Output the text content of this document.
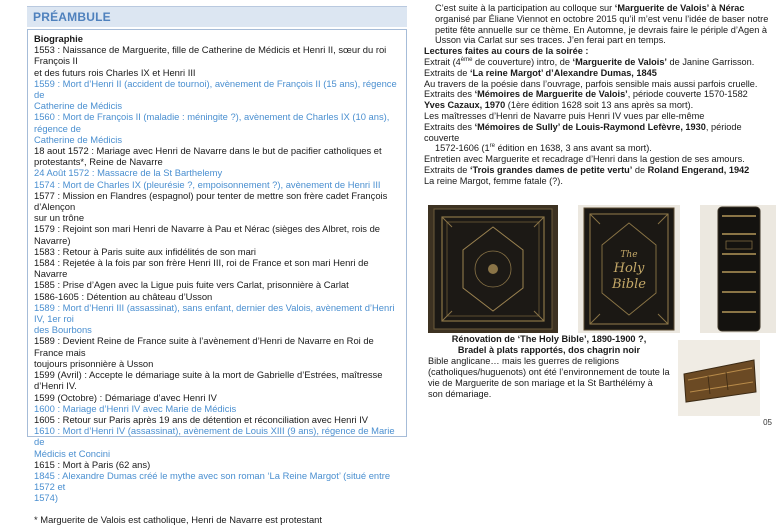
PRÉAMBULE
Biographie
1553 : Naissance de Marguerite, fille de Catherine de Médicis et Henri II, sœur du roi François II
et des futurs rois Charles IX et Henri III
1559 : Mort d’Henri II (accident de tournoi), avènement de François II (15 ans), régence de
Catherine de Médicis
1560 : Mort de François II (maladie : méningite ?), avènement de Charles IX (10 ans), régence de
Catherine de Médicis
18 aout 1572 : Mariage avec Henri de Navarre dans le but de pacifier catholiques et
protestants*, Reine de Navarre
24 Août 1572 : Massacre de la St Barthelemy
1574 : Mort de Charles IX (pleurésie ?, empoisonnement ?), avènement de Henri III
1577 : Mission en Flandres (espagnol) pour tenter de mettre son frère cadet François d’Alençon
sur un trône
1579 : Rejoint son mari Henri de Navarre à Pau et Nérac (sièges des Albret, rois de Navarre)
1583 : Retour à Paris suite aux infidélités de son mari
1584 : Rejetée à la fois par son frère Henri III, roi de France et son mari Henri de Navarre
1585 : Prise d’Agen avec la Ligue puis fuite vers Carlat, prisonnière à Carlat
1586-1605 : Détention au château d’Usson
1589 : Mort d’Henri III (assassinat), sans enfant, dernier des Valois, avènement d’Henri IV, 1er roi
des Bourbons
1589 : Devient Reine de France suite à l’avènement d’Henri de Navarre en Roi de France mais
toujours prisonnière à Usson
1599 (Avril) : Accepte le démariage suite à la mort de Gabrielle d’Estrées, maîtresse d’Henri IV.
1599 (Octobre) : Démariage d’avec Henri IV
1600 : Mariage d’Henri IV avec Marie de Médicis
1605 : Retour sur Paris après 19 ans de détention et réconciliation avec Henri IV
1610 : Mort d’Henri IV (assassinat), avènement de Louis XIII (9 ans), régence de Marie de
Médicis et Concini
1615 : Mort à Paris (62 ans)
1845 : Alexandre Dumas créé le mythe avec son roman ‘La Reine Margot’ (situé entre 1572 et
1574)
* Marguerite de Valois est catholique, Henri de Navarre est protestant

C’est suite à la participation au colloque sur ‘Marguerite de Valois’ à Nérac organisé par Éliane Viennot en octobre 2015 qu’il m’est venu l’idée de baser notre petite fête annuelle sur ce thème. En Automne, je devrais faire le périple d’Agen à Usson via Carlat sur ses traces. J’en ferai part en temps.

Lectures faites au cours de la soirée :

Extrait (4ème de couverture) intro, de ‘Marguerite de Valois’ de Janine Garrisson.

Extraits de ‘La reine Margot’ d’Alexandre Dumas, 1845

Au travers de la poésie dans l’ouvrage, parfois sensible mais aussi parfois cruelle.

Extraits des ‘Mémoires de Marguerite de Valois’, période couverte 1570-1582

Yves Cazaux, 1970 (1ère édition 1628 soit 13 ans après sa mort).

Les maîtresses d’Henri de Navarre puis Henri IV vues par elle-même

Extraits des ‘Mémoires de Sully’ de Louis-Raymond Lefèvre, 1930, période couverte

1572-1606 (1re édition en 1638, 3 ans avant sa mort).

Entretien avec Marguerite et recadrage d’Henri dans la gestion de ses amours.

Extraits de ‘Trois grandes dames de petite vertu’ de Roland Engerand, 1942

La reine Margot, femme fatale (?).

The
Holy
Bible
Rénovation de ‘The Holy Bible’, 1890-1900 ?,
Bradel à plats rapportés, dos chagrin noir
Bible anglicane… mais les guerres de religions (catholiques/huguenots) ont été l’environnement de toute la vie de Marguerite de son mariage et la St Barthélémy à son démariage.
05
